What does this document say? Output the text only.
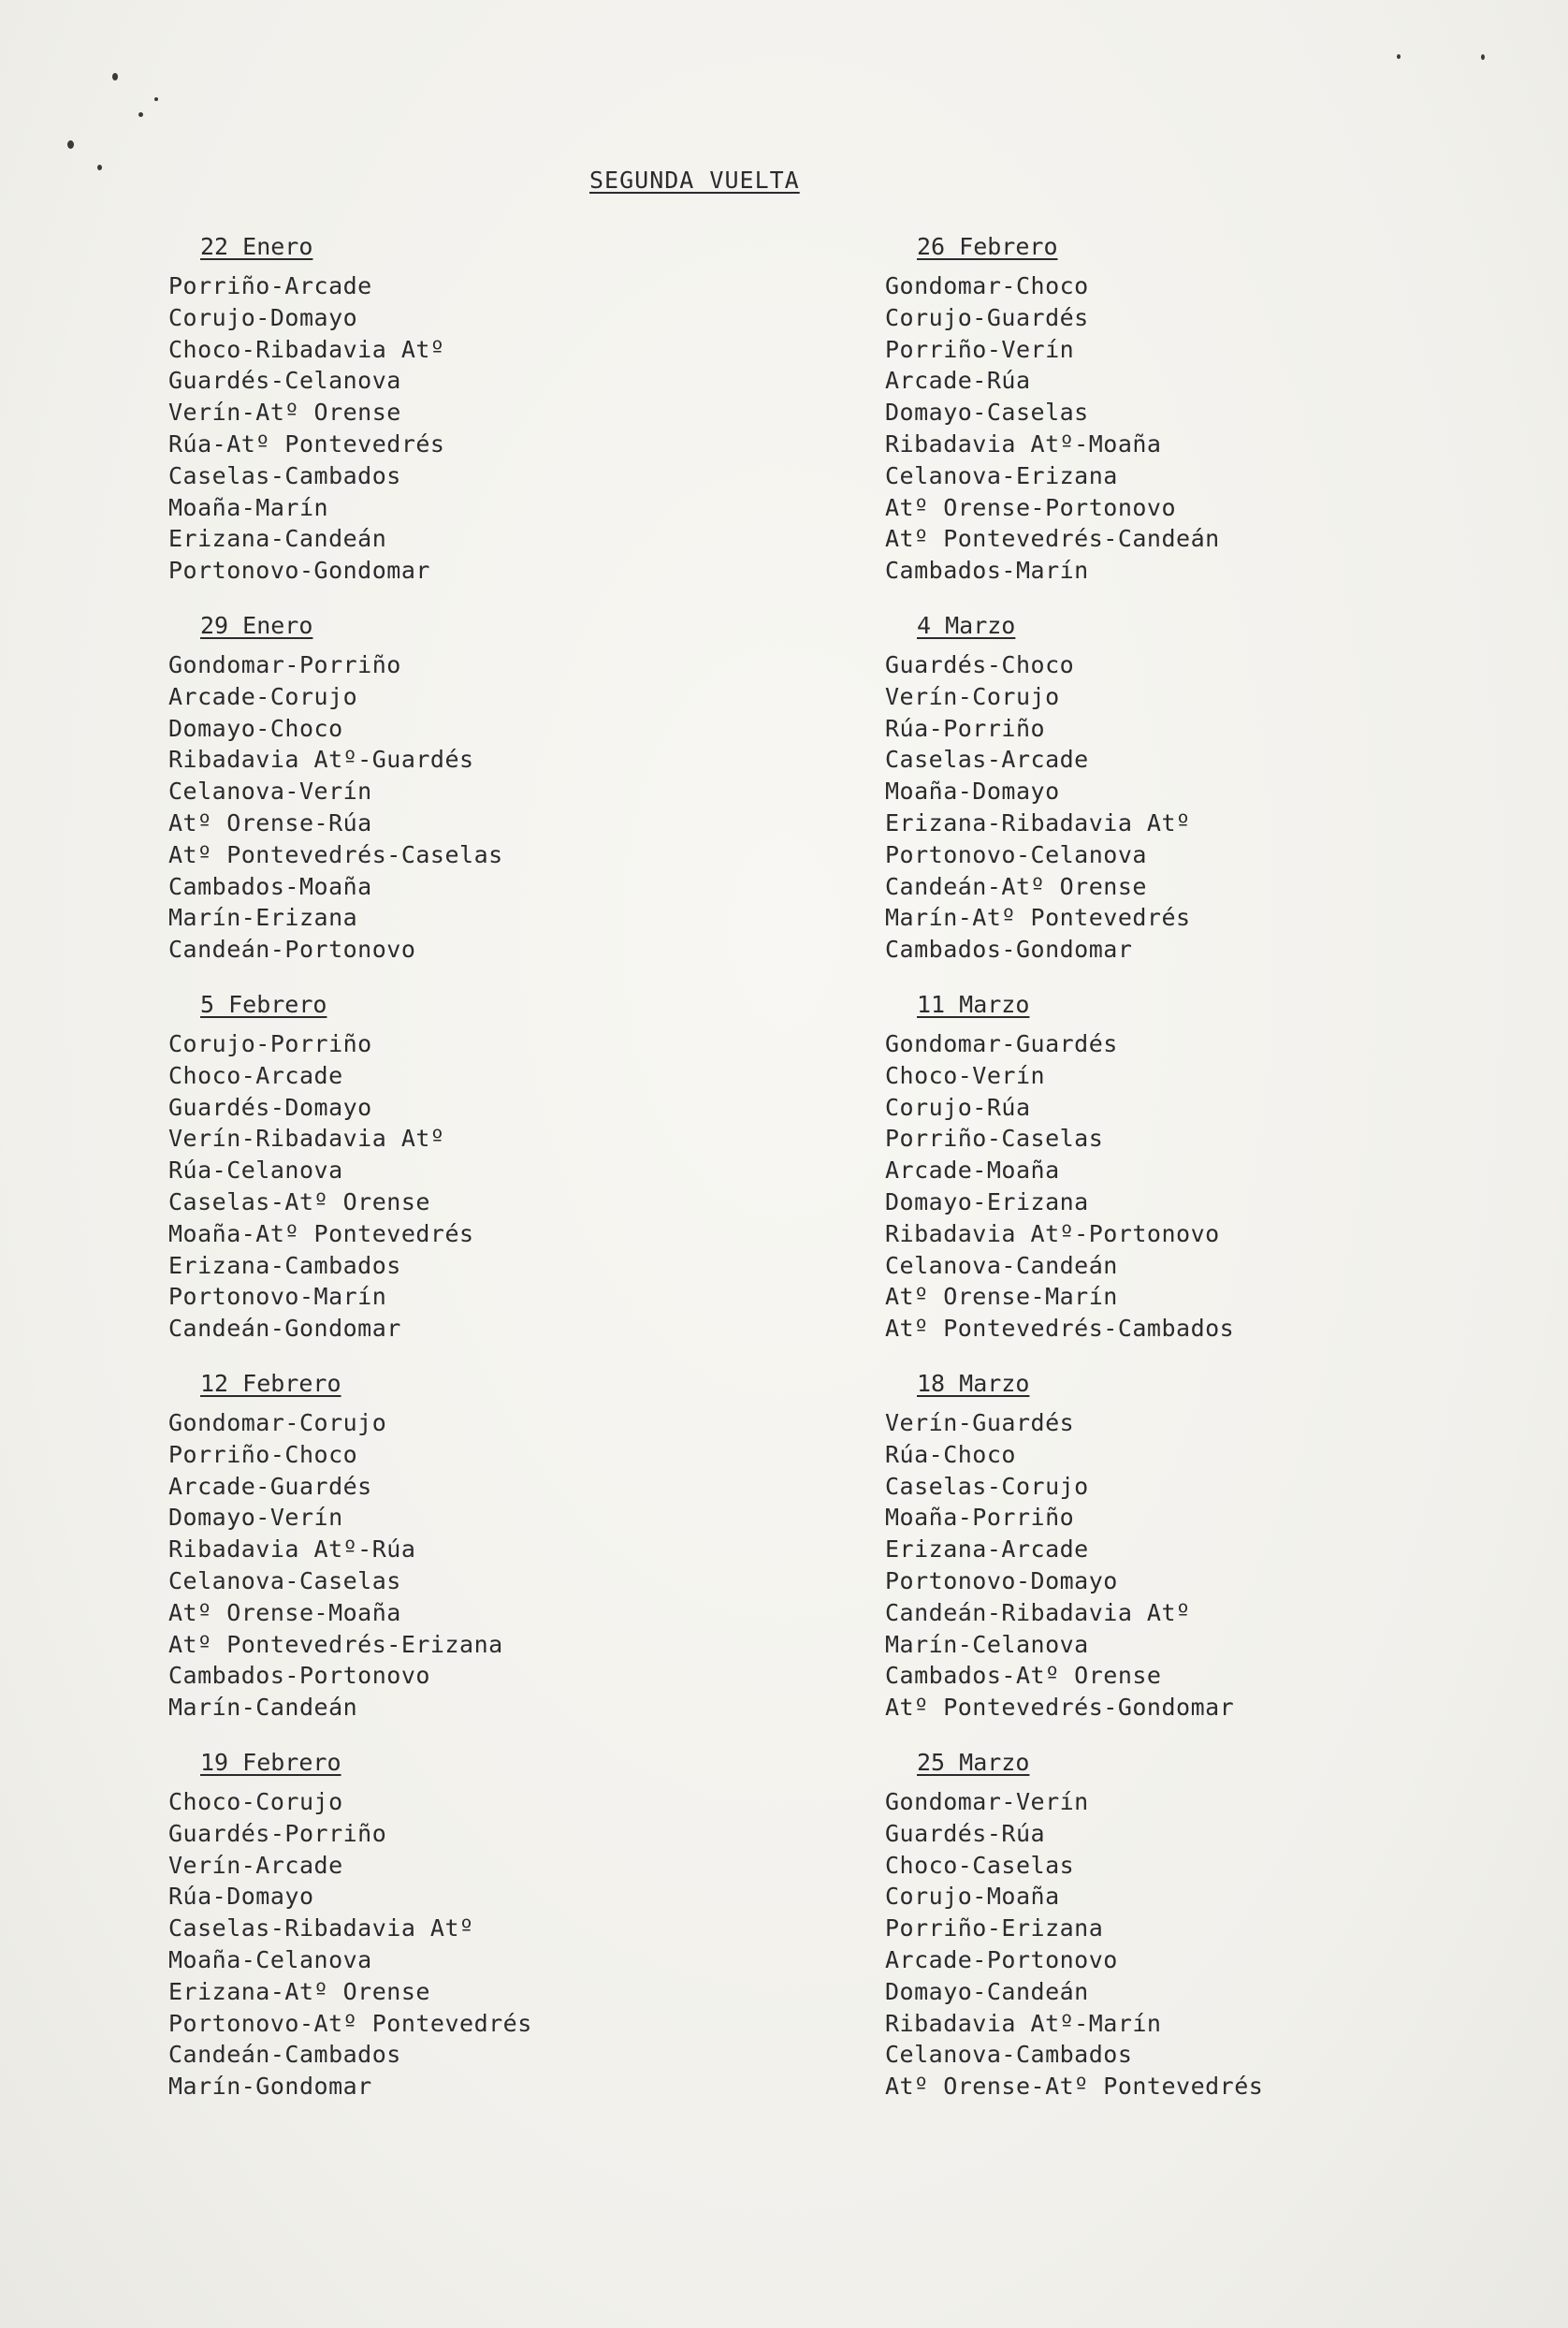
SEGUNDA VUELTA
22 Enero
Porriño-Arcade
Corujo-Domayo
Choco-Ribadavia Atº
Guardés-Celanova
Verín-Atº Orense
Rúa-Atº Pontevedrés
Caselas-Cambados
Moaña-Marín
Erizana-Candeán
Portonovo-Gondomar
29 Enero
Gondomar-Porriño
Arcade-Corujo
Domayo-Choco
Ribadavia Atº-Guardés
Celanova-Verín
Atº Orense-Rúa
Atº Pontevedrés-Caselas
Cambados-Moaña
Marín-Erizana
Candeán-Portonovo
5 Febrero
Corujo-Porriño
Choco-Arcade
Guardés-Domayo
Verín-Ribadavia Atº
Rúa-Celanova
Caselas-Atº Orense
Moaña-Atº Pontevedrés
Erizana-Cambados
Portonovo-Marín
Candeán-Gondomar
12 Febrero
Gondomar-Corujo
Porriño-Choco
Arcade-Guardés
Domayo-Verín
Ribadavia Atº-Rúa
Celanova-Caselas
Atº Orense-Moaña
Atº Pontevedrés-Erizana
Cambados-Portonovo
Marín-Candeán
19 Febrero
Choco-Corujo
Guardés-Porriño
Verín-Arcade
Rúa-Domayo
Caselas-Ribadavia Atº
Moaña-Celanova
Erizana-Atº Orense
Portonovo-Atº Pontevedrés
Candeán-Cambados
Marín-Gondomar
26 Febrero
Gondomar-Choco
Corujo-Guardés
Porriño-Verín
Arcade-Rúa
Domayo-Caselas
Ribadavia Atº-Moaña
Celanova-Erizana
Atº Orense-Portonovo
Atº Pontevedrés-Candeán
Cambados-Marín
4 Marzo
Guardés-Choco
Verín-Corujo
Rúa-Porriño
Caselas-Arcade
Moaña-Domayo
Erizana-Ribadavia Atº
Portonovo-Celanova
Candeán-Atº Orense
Marín-Atº Pontevedrés
Cambados-Gondomar
11 Marzo
Gondomar-Guardés
Choco-Verín
Corujo-Rúa
Porriño-Caselas
Arcade-Moaña
Domayo-Erizana
Ribadavia Atº-Portonovo
Celanova-Candeán
Atº Orense-Marín
Atº Pontevedrés-Cambados
18 Marzo
Verín-Guardés
Rúa-Choco
Caselas-Corujo
Moaña-Porriño
Erizana-Arcade
Portonovo-Domayo
Candeán-Ribadavia Atº
Marín-Celanova
Cambados-Atº Orense
Atº Pontevedrés-Gondomar
25 Marzo
Gondomar-Verín
Guardés-Rúa
Choco-Caselas
Corujo-Moaña
Porriño-Erizana
Arcade-Portonovo
Domayo-Candeán
Ribadavia Atº-Marín
Celanova-Cambados
Atº Orense-Atº Pontevedrés
